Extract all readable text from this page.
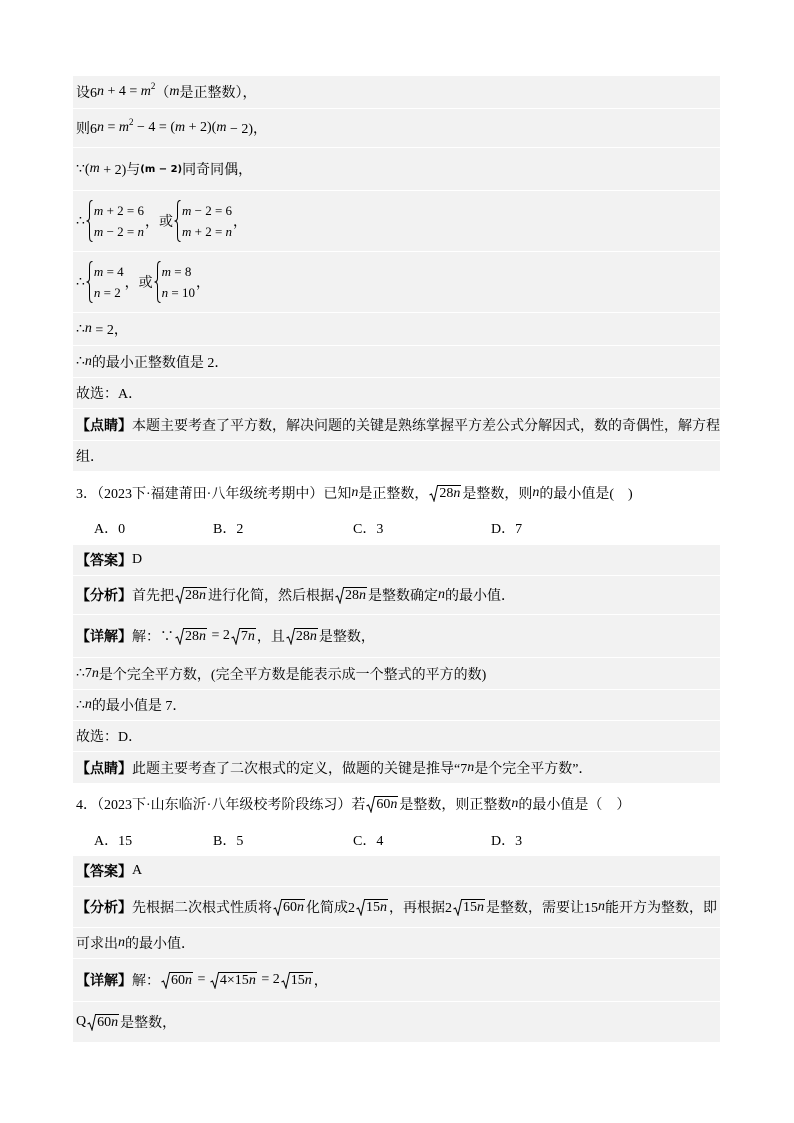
设6 n + 4 = m 2 （ m 是正整数），
则6 n = m 2 − 4 = ( m + 2)( m − 2)，
∵( m + 2)与 (m − 2) 同奇同偶，
∴
m + 2 = 6
m − 2 = n
，或
m − 2 = 6
m + 2 = n
，
∴
m = 4
n = 2
，或
m = 8
n = 10
，
∴ n = 2，
∴ n 的最小正整数值是 2．
故选：A．
【点睛】 本题主要考查了平方数，解决问题的关键是熟练掌握平方差公式分解因式，数的奇偶性，解方程
组．
3．（2023下·福建莆田·八年级统考期中）已知 n 是正整数， 28 n 是整数，则 n 的最小值是(    )
A．0	B．2	C．3	D．7
【答案】 D
【分析】 首先把 28 n 进行化简，然后根据 28 n 是整数确定 n 的最小值．
【详解】 解：∵ 28 n = 2 7 n ，且 28 n 是整数，
∴7 n 是个完全平方数，(完全平方数是能表示成一个整式的平方的数)
∴ n 的最小值是 7．
故选：D．
【点睛】 此题主要考查了二次根式的定义，做题的关键是推导“7 n 是个完全平方数”．
4．（2023下·山东临沂·八年级校考阶段练习）若 60 n 是整数，则正整数 n 的最小值是（    ）
A．15	B．5	C．4	D．3
【答案】 A
【分析】 先根据二次根式性质将 60 n 化简成2 15 n ，再根据2 15 n 是整数，需要让15 n 能开方为整数，即
可求出 n 的最小值．
【详解】 解： 60 n = 4×15 n = 2 15 n ，
Q 60 n 是整数，
